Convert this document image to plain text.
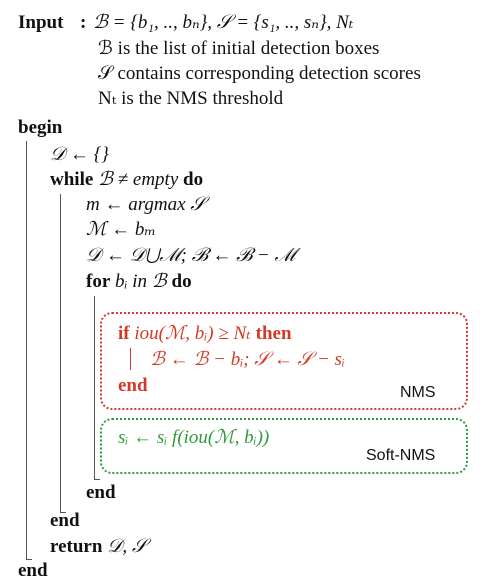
Input : ℬ = {b₁, .., bₙ}, 𝒮 = {s₁, .., sₙ}, Nₜ
ℬ is the list of initial detection boxes
𝒮 contains corresponding detection scores
Nₜ is the NMS threshold
begin
𝒟 ← {}
while ℬ ≠ empty do
m ← argmax 𝒮
ℳ ← bₘ
𝒟 ← 𝒟⋃ℳ; ℬ ← ℬ − ℳ
for bᵢ in ℬ do
if iou(ℳ, bᵢ) ≥ Nₜ then
ℬ ← ℬ − bᵢ; 𝒮 ← 𝒮 − sᵢ
end	NMS
sᵢ ← sᵢ f(iou(ℳ, bᵢ))
Soft-NMS
end
end
return 𝒟, 𝒮
end
